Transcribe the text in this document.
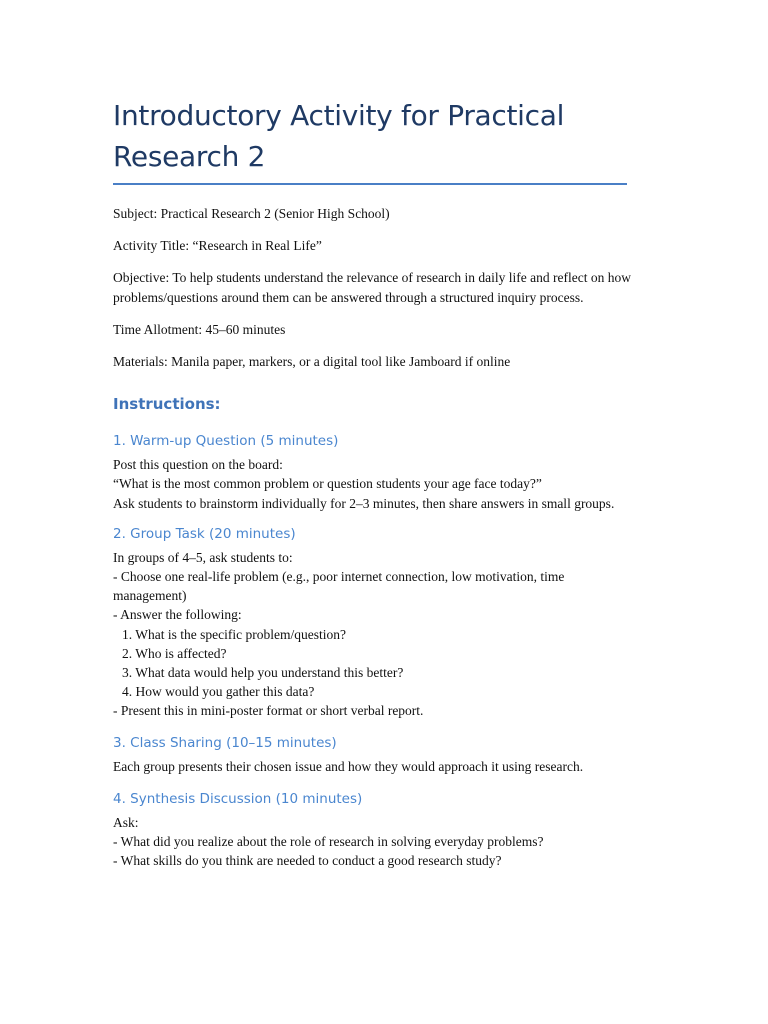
Introductory Activity for Practical
Research 2

Subject: Practical Research 2 (Senior High School)

Activity Title: “Research in Real Life”

Objective: To help students understand the relevance of research in daily life and reflect on how problems/questions around them can be answered through a structured inquiry process.

Time Allotment: 45–60 minutes

Materials: Manila paper, markers, or a digital tool like Jamboard if online

Instructions:
1. Warm-up Question (5 minutes)

Post this question on the board:

“What is the most common problem or question students your age face today?”

Ask students to brainstorm individually for 2–3 minutes, then share answers in small groups.

2. Group Task (20 minutes)

In groups of 4–5, ask students to:

- Choose one real-life problem (e.g., poor internet connection, low motivation, time management)

- Answer the following:

1. What is the specific problem/question?

2. Who is affected?

3. What data would help you understand this better?

4. How would you gather this data?

- Present this in mini-poster format or short verbal report.

3. Class Sharing (10–15 minutes)

Each group presents their chosen issue and how they would approach it using research.

4. Synthesis Discussion (10 minutes)

Ask:

- What did you realize about the role of research in solving everyday problems?

- What skills do you think are needed to conduct a good research study?
